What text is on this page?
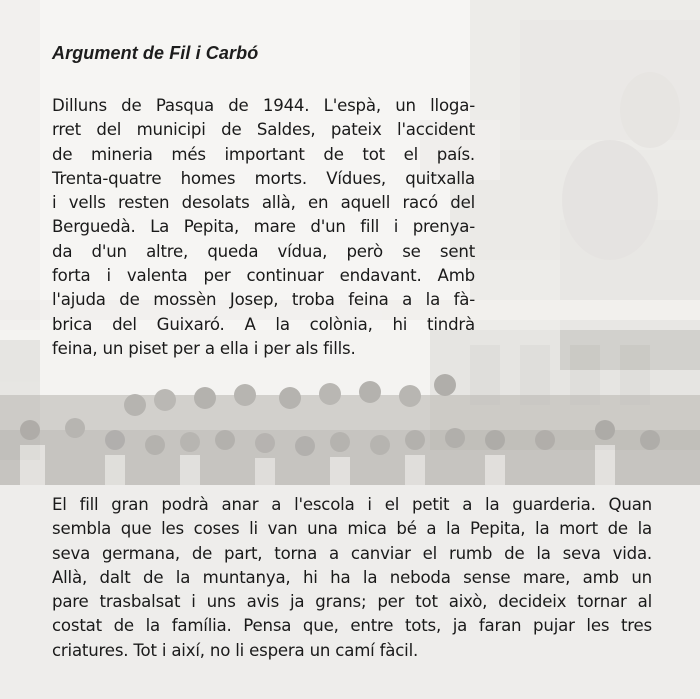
Argument de Fil i Carbó

Dilluns de Pasqua de 1944. L'espà, un lloga-
rret del municipi de Saldes, pateix l'accident
de mineria més important de tot el país.
Trenta-quatre homes morts. Vídues, quitxalla
i vells resten desolats allà, en aquell racó del
Berguedà. La Pepita, mare d'un fill i prenya-
da d'un altre, queda vídua, però se sent
forta i valenta per continuar endavant. Amb
l'ajuda de mossèn Josep, troba feina a la fà-
brica del Guixaró. A la colònia, hi tindrà
feina, un piset per a ella i per als fills.

El fill gran podrà anar a l'escola i el petit a la guarderia. Quan
sembla que les coses li van una mica bé a la Pepita, la mort de la
seva germana, de part, torna a canviar el rumb de la seva vida.
Allà, dalt de la muntanya, hi ha la neboda sense mare, amb un
pare trasbalsat i uns avis ja grans; per tot això, decideix tornar al
costat de la família. Pensa que, entre tots, ja faran pujar les tres
criatures. Tot i així, no li espera un camí fàcil.
